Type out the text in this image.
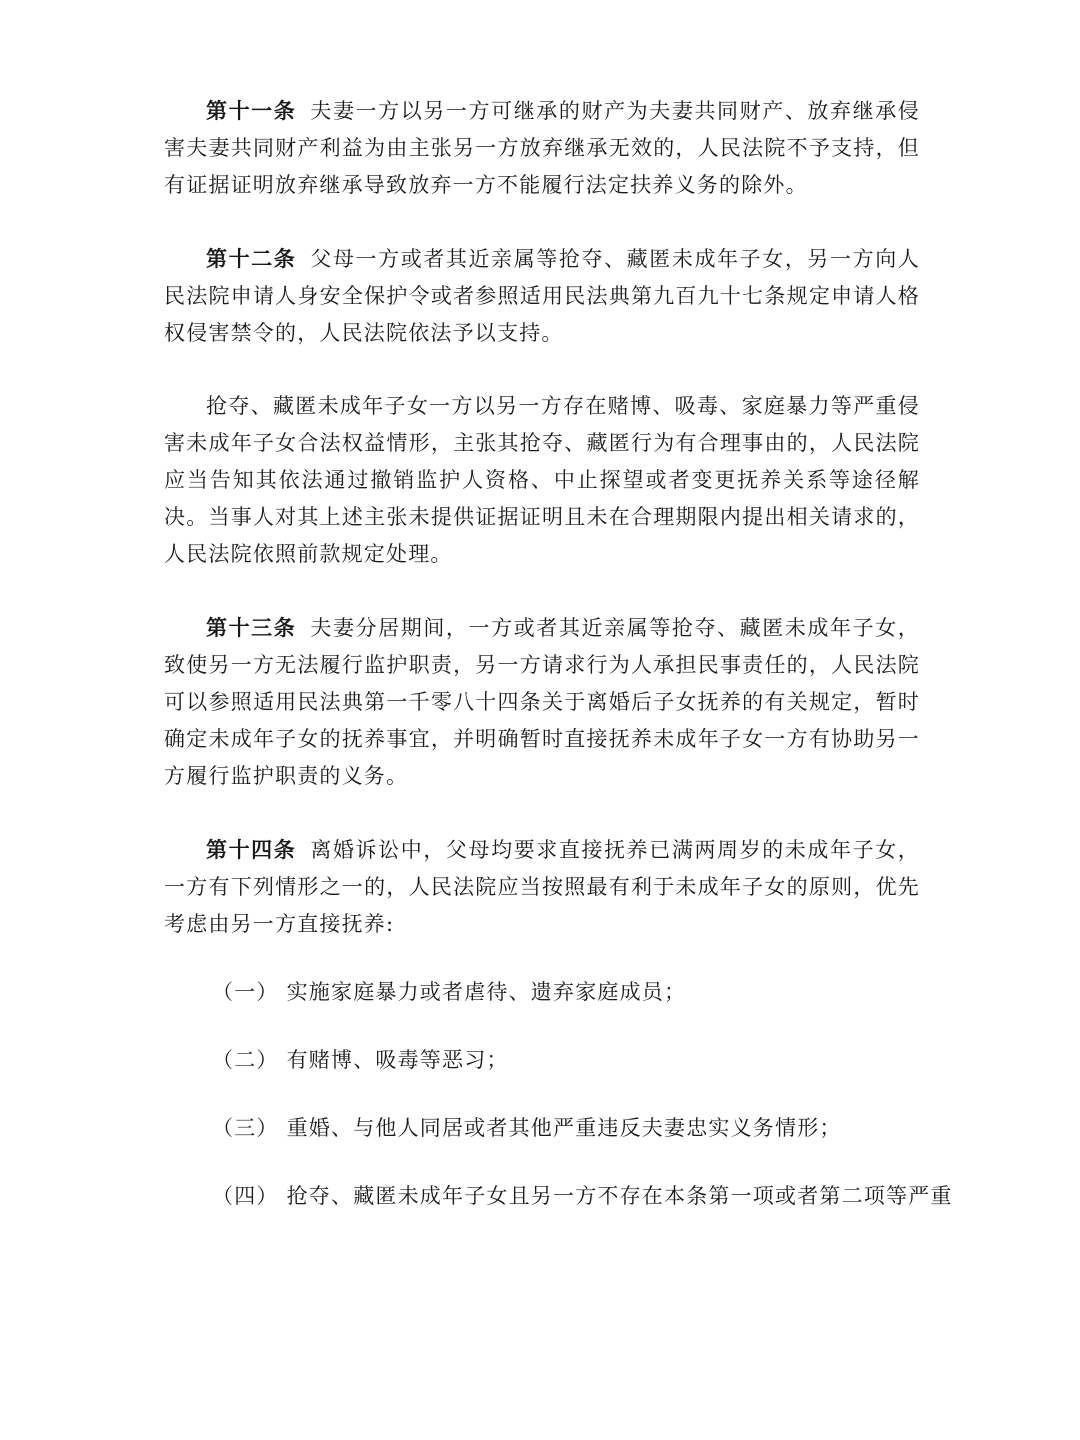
第十一条 夫妻一方以另一方可继承的财产为夫妻共同财产、放弃继承侵害夫妻共同财产利益为由主张另一方放弃继承无效的，人民法院不予支持，但有证据证明放弃继承导致放弃一方不能履行法定扶养义务的除外。

第十二条 父母一方或者其近亲属等抢夺、藏匿未成年子女，另一方向人民法院申请人身安全保护令或者参照适用民法典第九百九十七条规定申请人格权侵害禁令的，人民法院依法予以支持。

抢夺、藏匿未成年子女一方以另一方存在赌博、吸毒、家庭暴力等严重侵害未成年子女合法权益情形，主张其抢夺、藏匿行为有合理事由的，人民法院应当告知其依法通过撤销监护人资格、中止探望或者变更抚养关系等途径解决。当事人对其上述主张未提供证据证明且未在合理期限内提出相关请求的，人民法院依照前款规定处理。

第十三条 夫妻分居期间，一方或者其近亲属等抢夺、藏匿未成年子女，致使另一方无法履行监护职责，另一方请求行为人承担民事责任的，人民法院可以参照适用民法典第一千零八十四条关于离婚后子女抚养的有关规定，暂时确定未成年子女的抚养事宜，并明确暂时直接抚养未成年子女一方有协助另一方履行监护职责的义务。

第十四条 离婚诉讼中，父母均要求直接抚养已满两周岁的未成年子女，一方有下列情形之一的，人民法院应当按照最有利于未成年子女的原则，优先考虑由另一方直接抚养:

（一） 实施家庭暴力或者虐待、遗弃家庭成员；

（二） 有赌博、吸毒等恶习；

（三） 重婚、与他人同居或者其他严重违反夫妻忠实义务情形；

（四） 抢夺、藏匿未成年子女且另一方不存在本条第一项或者第二项等严重
